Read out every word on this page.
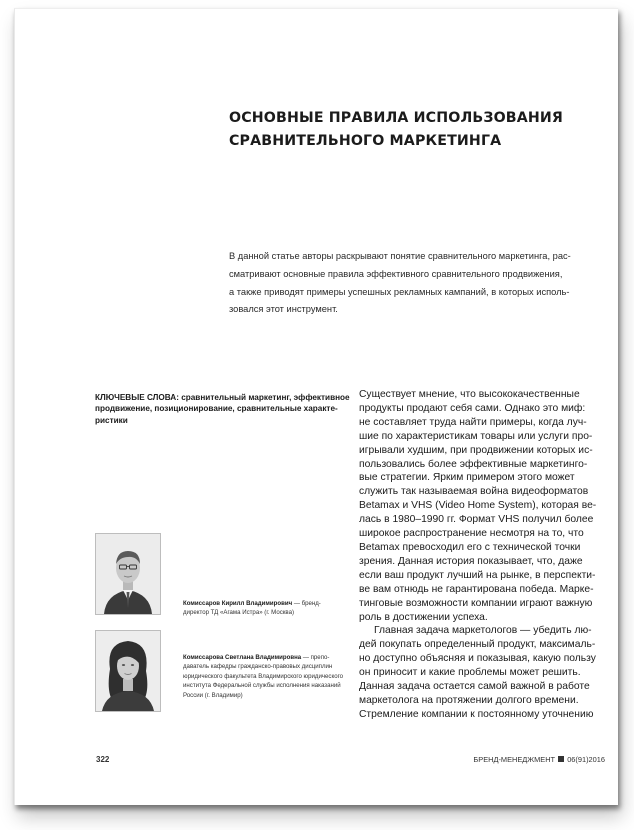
ОСНОВНЫЕ ПРАВИЛА ИСПОЛЬЗОВАНИЯ
СРАВНИТЕЛЬНОГО МАРКЕТИНГА

В данной статье авторы раскрывают понятие сравнительного маркетинга, рас-
сматривают основные правила эффективного сравнительного продвижения,
а также приводят примеры успешных рекламных кампаний, в которых исполь-
зовался этот инструмент.

КЛЮЧЕВЫЕ СЛОВА: сравнительный маркетинг, эффективное
продвижение, позиционирование, сравнительные характе-
ристики

Комиссаров Кирилл Владимирович — бренд-
директор ТД «Агама Истра» (г. Москва)

Комиссарова Светлана Владимировна — препо-
даватель кафедры гражданско-правовых дисциплин
юридического факультета Владимирского юридического
института Федеральной службы исполнения наказаний
России (г. Владимир)

Существует мнение, что высококачественные
продукты продают себя сами. Однако это миф:
не составляет труда найти примеры, когда луч-
шие по характеристикам товары или услуги про-
игрывали худшим, при продвижении которых ис-
пользовались более эффективные маркетинго-
вые стратегии. Ярким примером этого может
служить так называемая война видеоформатов
Betamax и VHS (Video Home System), которая ве-
лась в 1980–1990 гг. Формат VHS получил более
широкое распространение несмотря на то, что
Betamax превосходил его с технической точки
зрения. Данная история показывает, что, даже
если ваш продукт лучший на рынке, в перспекти-
ве вам отнюдь не гарантирована победа. Марке-
тинговые возможности компании играют важную
роль в достижении успеха.
Главная задача маркетологов — убедить лю-
дей покупать определенный продукт, максималь-
но доступно объясняя и показывая, какую пользу
он приносит и какие проблемы может решить.
Данная задача остается самой важной в работе
маркетолога на протяжении долгого времени.
Стремление компании к постоянному уточнению
322	БРЕНД-МЕНЕДЖМЕНТ 06(91)2016
